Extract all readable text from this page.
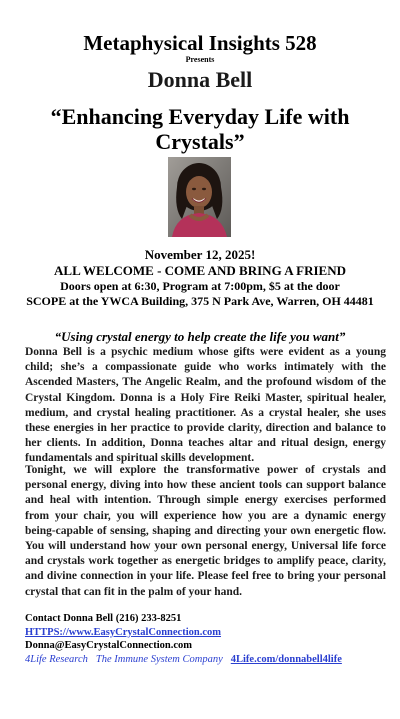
Metaphysical Insights 528
Presents
Donna Bell
“Enhancing Everyday Life with Crystals”
November 12, 2025!
ALL WELCOME - COME AND BRING A FRIEND
Doors open at 6:30, Program at 7:00pm, $5 at the door
SCOPE at the YWCA Building, 375 N Park Ave, Warren, OH 44481
“Using crystal energy to help create the life you want”
Donna Bell is a psychic medium whose gifts were evident as a young child; she’s a compassionate guide who works intimately with the Ascended Masters, The Angelic Realm, and the profound wisdom of the Crystal Kingdom. Donna is a Holy Fire Reiki Master, spiritual healer, medium, and crystal healing practitioner. As a crystal healer, she uses these energies in her practice to provide clarity, direction and balance to her clients. In addition, Donna teaches altar and ritual design, energy fundamentals and spiritual skills development.
Tonight, we will explore the transformative power of crystals and personal energy, diving into how these ancient tools can support balance and heal with intention. Through simple energy exercises performed from your chair, you will experience how you are a dynamic energy being-capable of sensing, shaping and directing your own energetic flow. You will understand how your own personal energy, Universal life force and crystals work together as energetic bridges to amplify peace, clarity, and divine connection in your life. Please feel free to bring your personal crystal that can fit in the palm of your hand.
Contact Donna Bell (216) 233-8251
HTTPS://www.EasyCrystalConnection.com
Donna@EasyCrystalConnection.com
4Life Research The Immune System Company 4Life.com/donnabell4life
